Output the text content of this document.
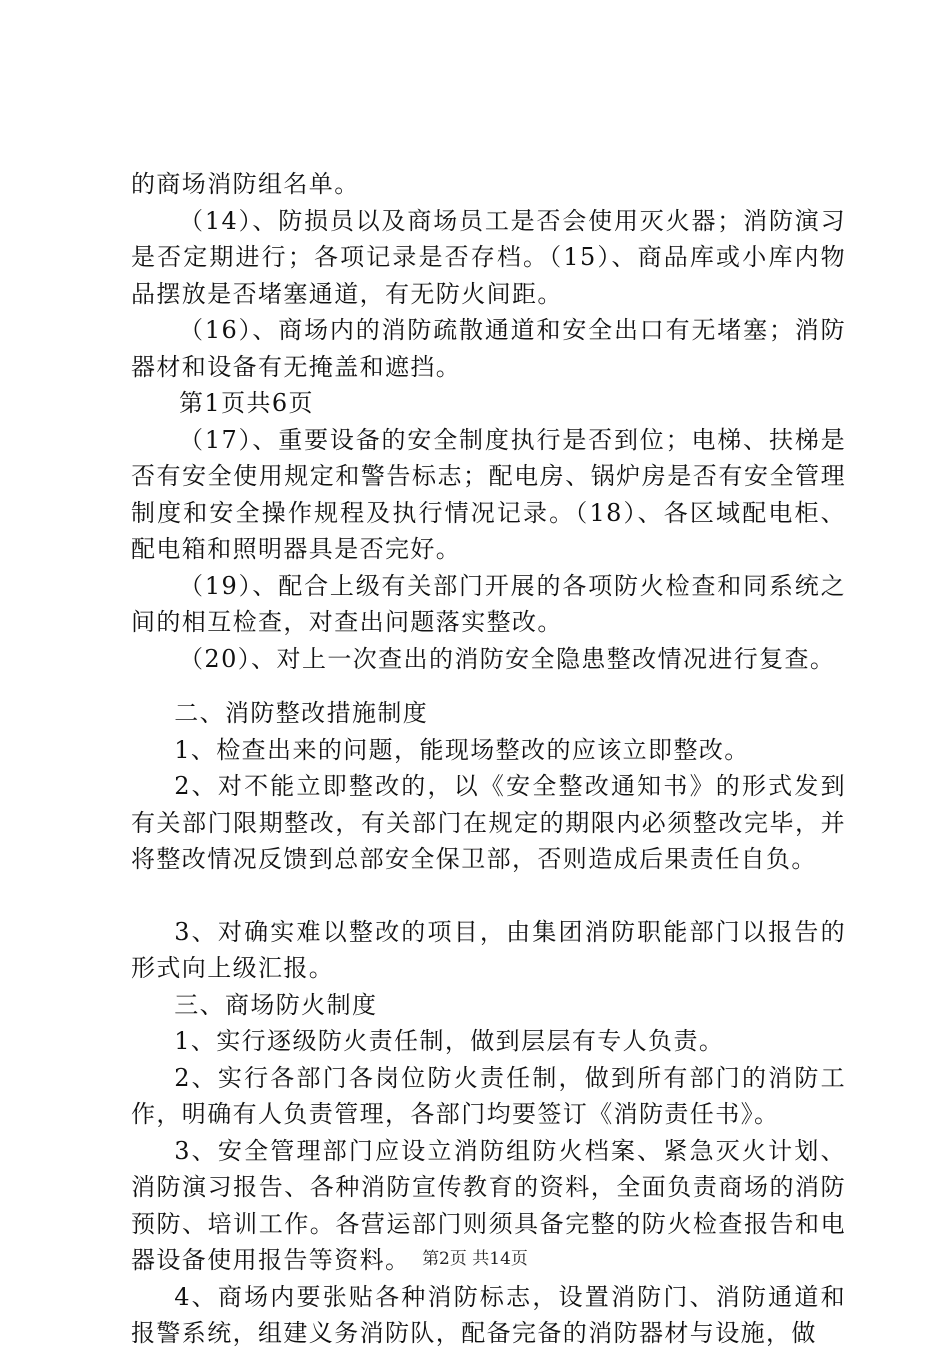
的商场消防组名单。

（14）、防损员以及商场员工是否会使用灭火器；消防演习是否定期进行；各项记录是否存档。（15）、商品库或小库内物品摆放是否堵塞通道，有无防火间距。

（16）、商场内的消防疏散通道和安全出口有无堵塞；消防器材和设备有无掩盖和遮挡。

第1页共6页

（17）、重要设备的安全制度执行是否到位；电梯、扶梯是否有安全使用规定和警告标志；配电房、锅炉房是否有安全管理制度和安全操作规程及执行情况记录。（18）、各区域配电柜、配电箱和照明器具是否完好。

（19）、配合上级有关部门开展的各项防火检查和同系统之间的相互检查，对查出问题落实整改。

（20）、对上一次查出的消防安全隐患整改情况进行复查。

二、消防整改措施制度

1、检查出来的问题，能现场整改的应该立即整改。

2、对不能立即整改的，以《安全整改通知书》的形式发到有关部门限期整改，有关部门在规定的期限内必须整改完毕，并将整改情况反馈到总部安全保卫部，否则造成后果责任自负。

3、对确实难以整改的项目，由集团消防职能部门以报告的形式向上级汇报。

三、商场防火制度

1、实行逐级防火责任制，做到层层有专人负责。

2、实行各部门各岗位防火责任制，做到所有部门的消防工作，明确有人负责管理，各部门均要签订《消防责任书》。

3、安全管理部门应设立消防组防火档案、紧急灭火计划、消防演习报告、各种消防宣传教育的资料，全面负责商场的消防预防、培训工作。各营运部门则须具备完整的防火检查报告和电器设备使用报告等资料。

4、商场内要张贴各种消防标志，设置消防门、消防通道和报警系统，组建义务消防队，配备完备的消防器材与设施，做

第2页 共14页
